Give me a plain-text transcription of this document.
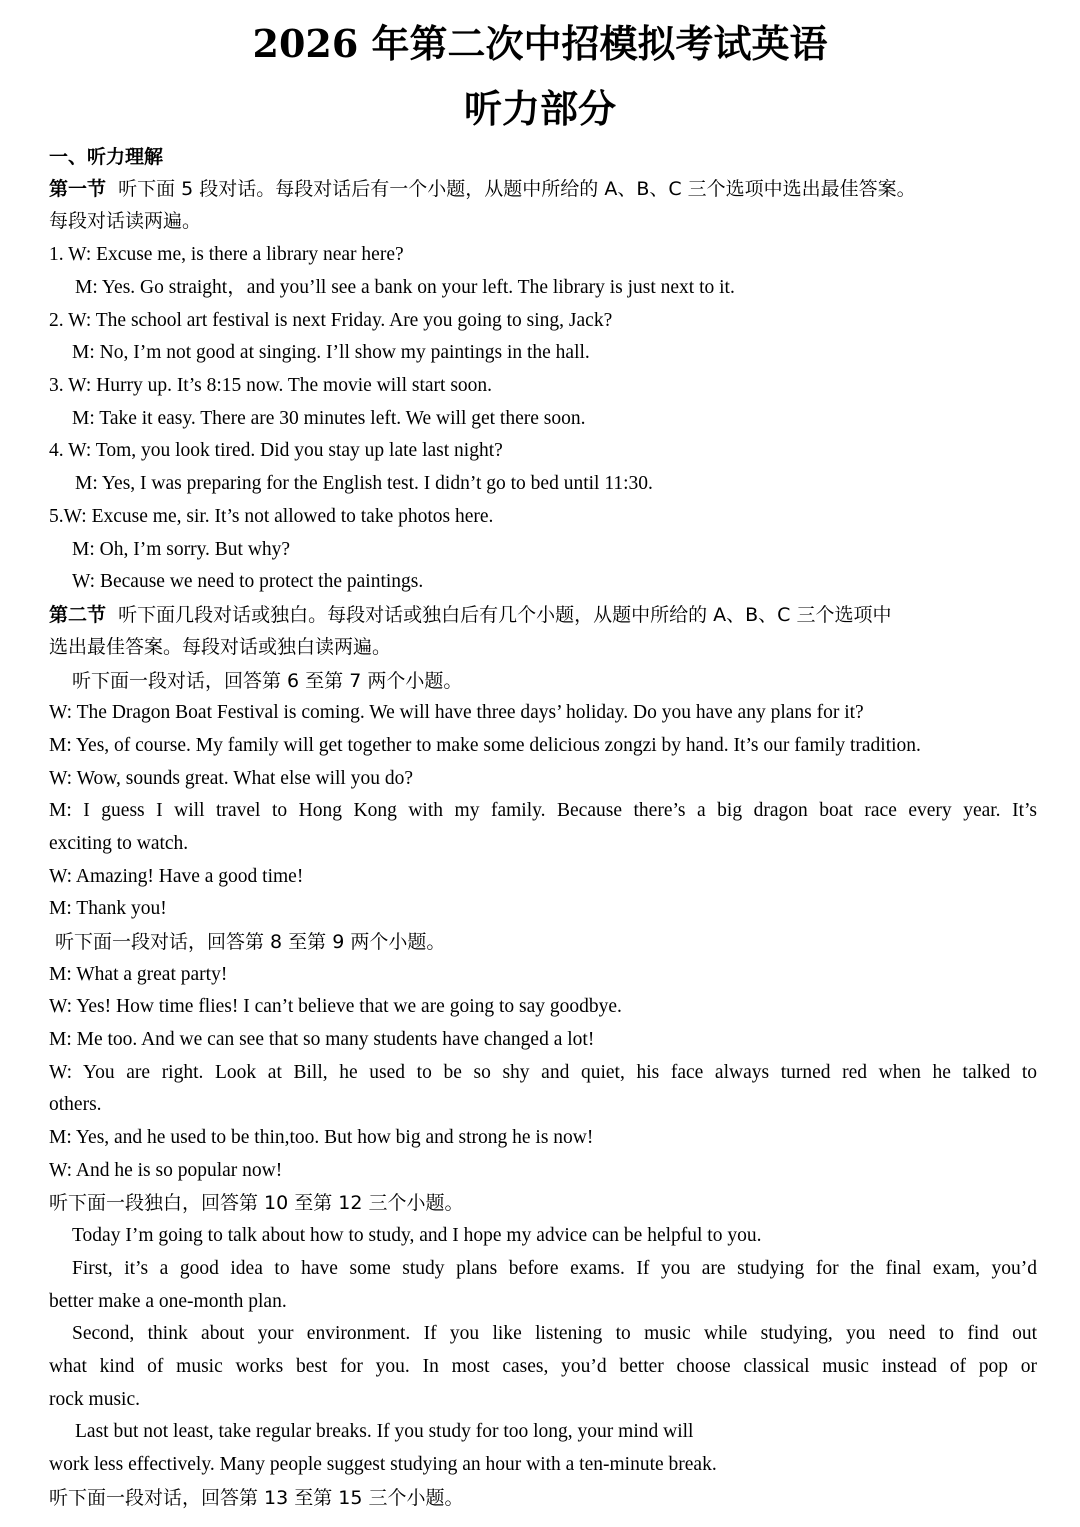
2026 年第二次中招模拟考试英语
听力部分
一、听力理解
第一节 听下面 5 段对话。每段对话后有一个小题，从题中所给的 A、B、C 三个选项中选出最佳答案。
每段对话读两遍。
1. W: Excuse me, is there a library near here?
M: Yes. Go straight，and you’ll see a bank on your left. The library is just next to it.
2. W: The school art festival is next Friday. Are you going to sing, Jack?
M: No, I’m not good at singing. I’ll show my paintings in the hall.
3. W: Hurry up. It’s 8:15 now. The movie will start soon.
M: Take it easy. There are 30 minutes left. We will get there soon.
4. W: Tom, you look tired. Did you stay up late last night?
M: Yes, I was preparing for the English test. I didn’t go to bed until 11:30.
5.W: Excuse me, sir. It’s not allowed to take photos here.
M: Oh, I’m sorry. But why?
W: Because we need to protect the paintings.
第二节 听下面几段对话或独白。每段对话或独白后有几个小题，从题中所给的 A、B、C 三个选项中
选出最佳答案。每段对话或独白读两遍。
听下面一段对话，回答第 6 至第 7 两个小题。
W: The Dragon Boat Festival is coming. We will have three days’ holiday. Do you have any plans for it?
M: Yes, of course. My family will get together to make some delicious zongzi by hand. It’s our family tradition.
W: Wow, sounds great. What else will you do?
M: I guess I will travel to Hong Kong with my family. Because there’s a big dragon boat race every year. It’s
exciting to watch.
W: Amazing! Have a good time!
M: Thank you!
听下面一段对话，回答第 8 至第 9 两个小题。
M: What a great party!
W: Yes! How time flies! I can’t believe that we are going to say goodbye.
M: Me too. And we can see that so many students have changed a lot!
W: You are right. Look at Bill, he used to be so shy and quiet, his face always turned red when he talked to
others.
M: Yes, and he used to be thin,too. But how big and strong he is now!
W: And he is so popular now!
听下面一段独白，回答第 10 至第 12 三个小题。
Today I’m going to talk about how to study, and I hope my advice can be helpful to you.
First, it’s a good idea to have some study plans before exams. If you are studying for the final exam, you’d
better make a one-month plan.
Second, think about your environment. If you like listening to music while studying, you need to find out
what kind of music works best for you. In most cases, you’d better choose classical music instead of pop or
rock music.
Last but not least, take regular breaks. If you study for too long, your mind will
work less effectively. Many people suggest studying an hour with a ten-minute break.
听下面一段对话，回答第 13 至第 15 三个小题。
